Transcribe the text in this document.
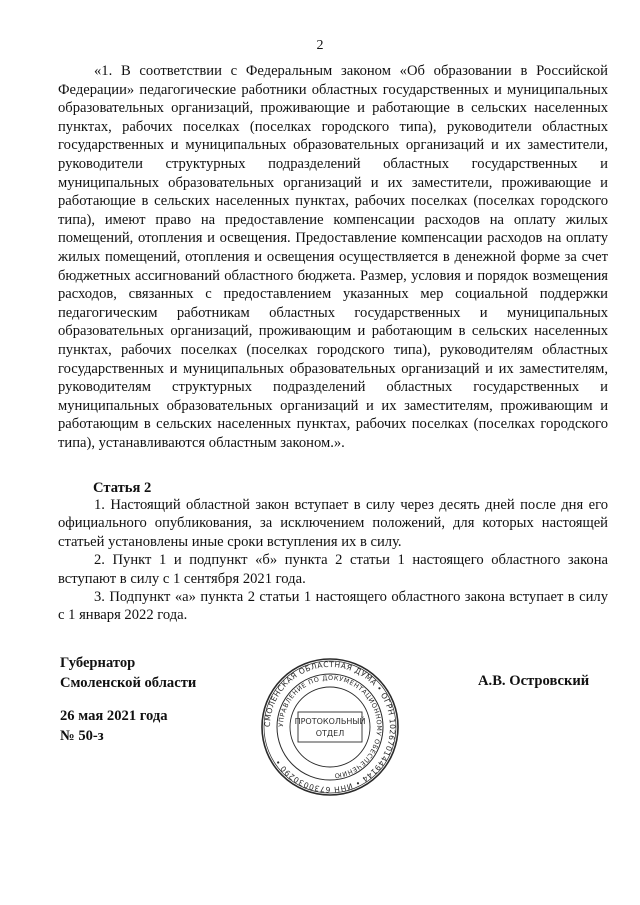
2

«1. В соответствии с Федеральным законом «Об образовании в Российской Федерации» педагогические работники областных государственных и муниципальных образовательных организаций, проживающие и работающие в сельских населенных пунктах, рабочих поселках (поселках городского типа), руководители областных государственных и муниципальных образовательных организаций и их заместители, руководители структурных подразделений областных государственных и муниципальных образовательных организаций и их заместители, проживающие и работающие в сельских населенных пунктах, рабочих поселках (поселках городского типа), имеют право на предоставление компенсации расходов на оплату жилых помещений, отопления и освещения. Предоставление компенсации расходов на оплату жилых помещений, отопления и освещения осуществляется в денежной форме за счет бюджетных ассигнований областного бюджета. Размер, условия и порядок возмещения расходов, связанных с предоставлением указанных мер социальной поддержки педагогическим работникам областных государственных и муниципальных образовательных организаций, проживающим и работающим в сельских населенных пунктах, рабочих поселках (поселках городского типа), руководителям областных государственных и муниципальных образовательных организаций и их заместителям, руководителям структурных подразделений областных государственных и муниципальных образовательных организаций и их заместителям, проживающим и работающим в сельских населенных пунктах, рабочих поселках (поселках городского типа), устанавливаются областным законом.».

Статья 2

1. Настоящий областной закон вступает в силу через десять дней после дня его официального опубликования, за исключением положений, для которых настоящей статьей установлены иные сроки вступления их в силу.

2. Пункт 1 и подпункт «б» пункта 2 статьи 1 настоящего областного закона вступают в силу с 1 сентября 2021 года.

3. Подпункт «а» пункта 2 статьи 1 настоящего областного закона вступает в силу с 1 января 2022 года.

Губернатор
Смоленской области
26 мая 2021 года
№ 50-з
А.В. Островский
СМОЛЕНСКАЯ ОБЛАСТНАЯ ДУМА • ОГРН 1026701449144 • ИНН 6730030290 •
УПРАВЛЕНИЕ ПО ДОКУМЕНТАЦИОННОМУ ОБЕСПЕЧЕНИЮ
ПРОТОКОЛЬНЫЙ
ОТДЕЛ
